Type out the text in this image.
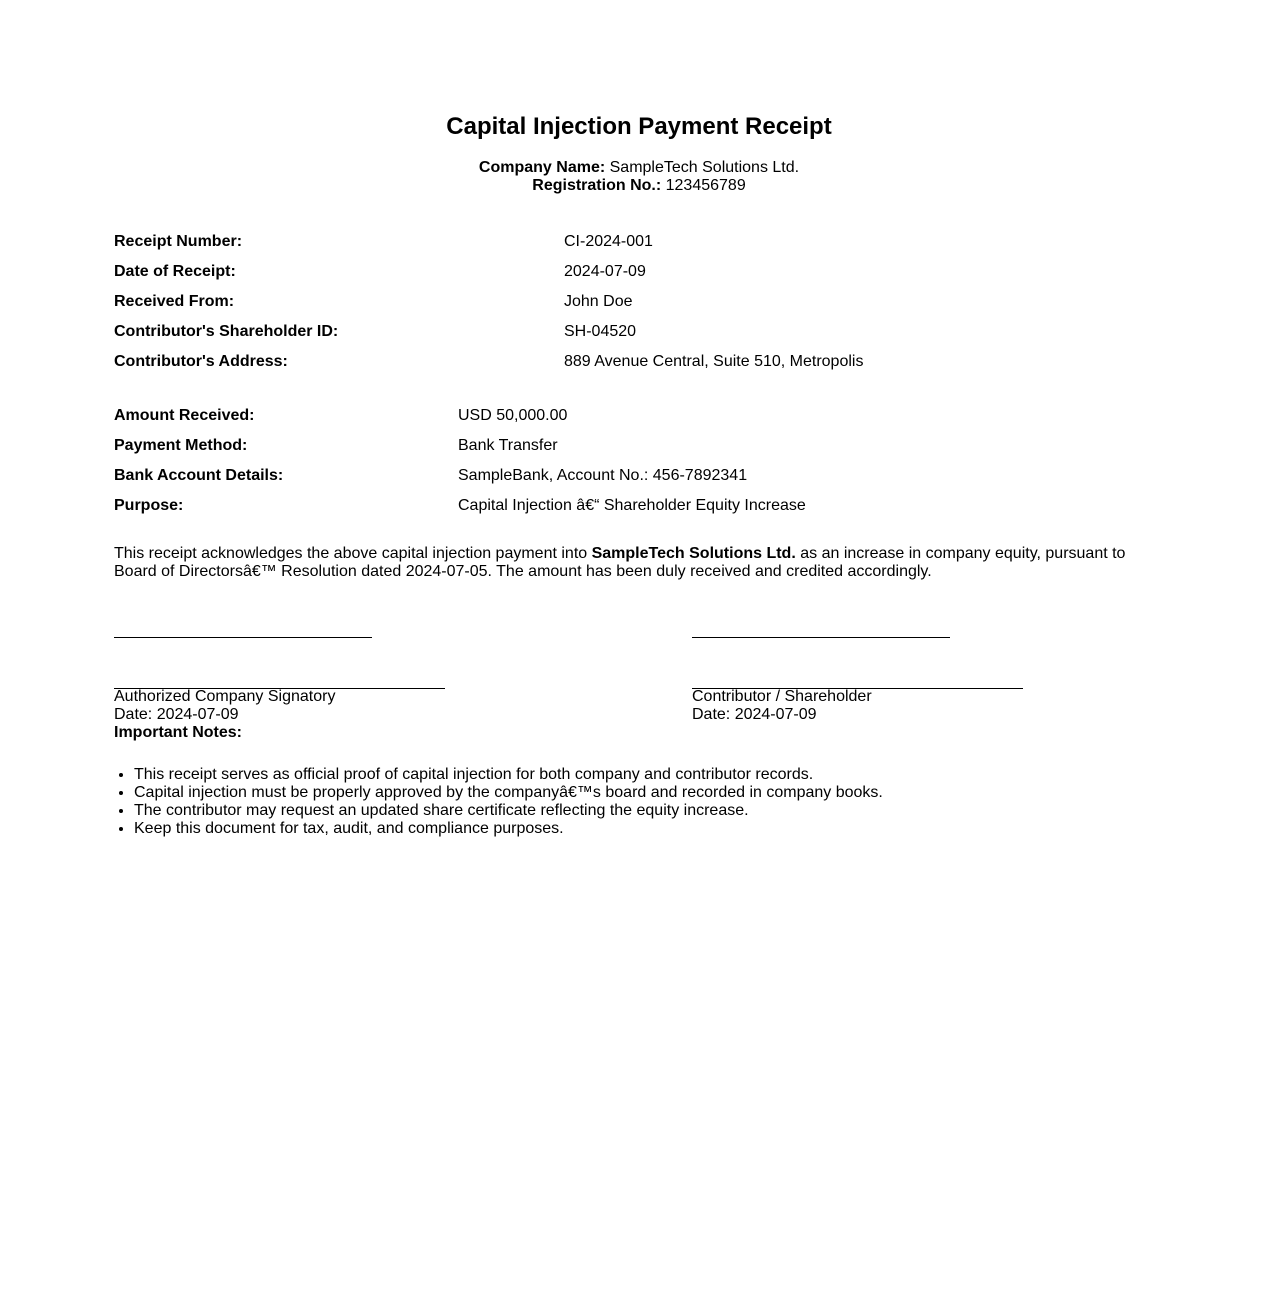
Capital Injection Payment Receipt
Company Name: SampleTech Solutions Ltd.
Registration No.: 123456789
Receipt Number:	CI-2024-001
Date of Receipt:	2024-07-09
Received From:	John Doe
Contributor's Shareholder ID:	SH-04520
Contributor's Address:	889 Avenue Central, Suite 510, Metropolis
Amount Received:	USD 50,000.00
Payment Method:	Bank Transfer
Bank Account Details:	SampleBank, Account No.: 456-7892341
Purpose:	Capital Injection â€“ Shareholder Equity Increase

This receipt acknowledges the above capital injection payment into SampleTech Solutions Ltd. as an increase in company equity, pursuant to Board of Directorsâ€™ Resolution dated 2024-07-05. The amount has been duly received and credited accordingly.

Authorized Company Signatory
Date: 2024-07-09
Contributor / Shareholder
Date: 2024-07-09
Important Notes:
• This receipt serves as official proof of capital injection for both company and contributor records.
• Capital injection must be properly approved by the companyâ€™s board and recorded in company books.
• The contributor may request an updated share certificate reflecting the equity increase.
• Keep this document for tax, audit, and compliance purposes.
